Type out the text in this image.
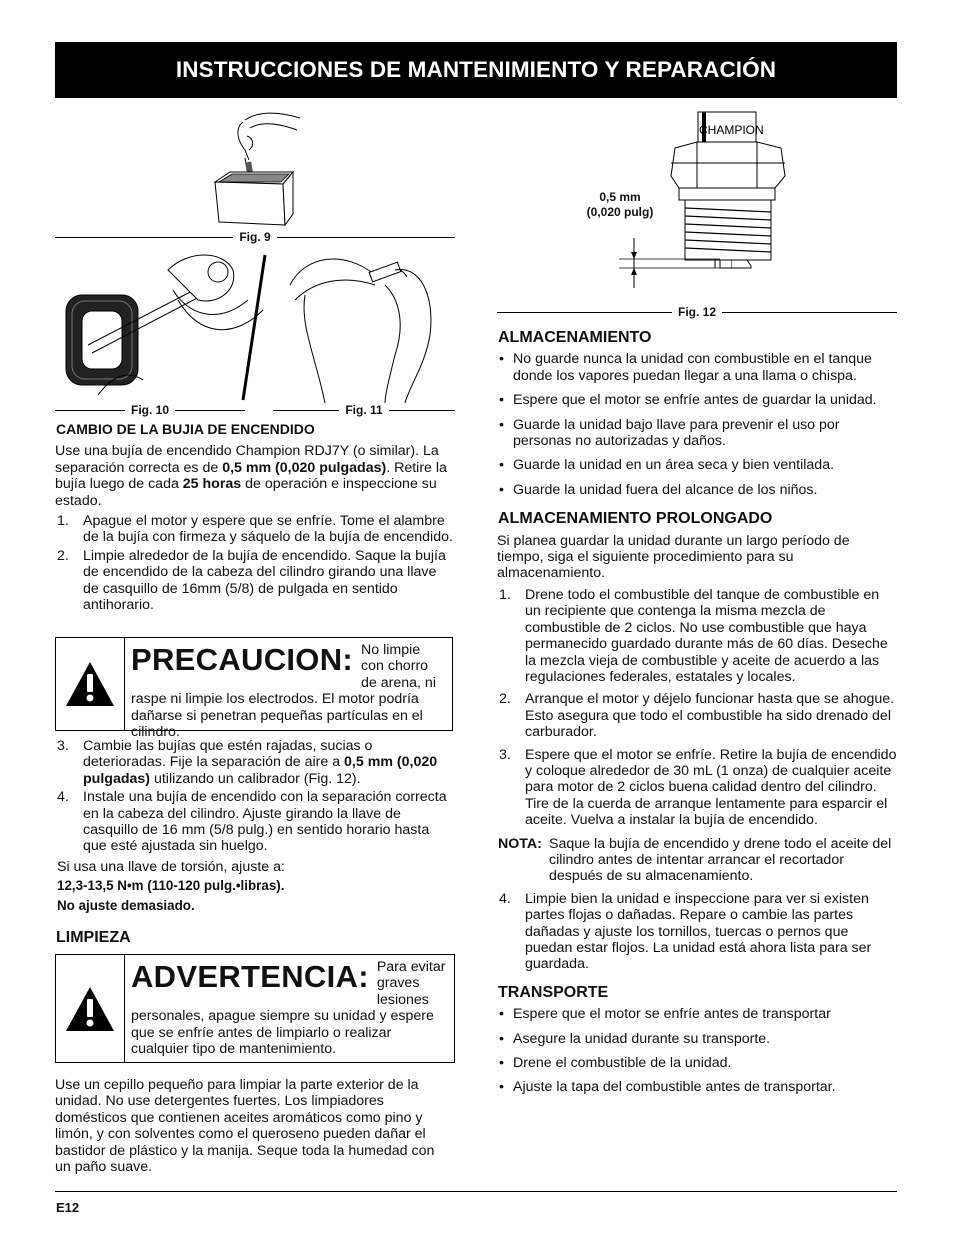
INSTRUCCIONES DE MANTENIMIENTO Y REPARACIÓN
Fig. 9
Fig. 10	Fig. 11
CAMBIO DE LA BUJIA DE ENCENDIDO

Use una bujía de encendido Champion RDJ7Y (o similar). La separación correcta es de 0,5 mm (0,020 pulgadas). Retire la bujía luego de cada 25 horas de operación e inspeccione su estado.

1. Apague el motor y espere que se enfríe. Tome el alambre de la bujía con firmeza y sáquelo de la bujía de encendido.
2. Limpie alrededor de la bujía de encendido. Saque la bujía de encendido de la cabeza del cilindro girando una llave de casquillo de 16mm (5/8) de pulgada en sentido antihorario.
PRECAUCION: No limpie con chorro de arena, ni raspe ni limpie los electrodos. El motor podría dañarse si penetran pequeñas partículas en el cilindro.
3. Cambie las bujías que estén rajadas, sucias o deterioradas. Fije la separación de aire a 0,5 mm (0,020 pulgadas) utilizando un calibrador (Fig. 12).
4. Instale una bujía de encendido con la separación correcta en la cabeza del cilindro. Ajuste girando la llave de casquillo de 16 mm (5/8 pulg.) en sentido horario hasta que esté ajustada sin huelgo.

Si usa una llave de torsión, ajuste a:

12,3-13,5 N•m (110-120 pulg.•libras).

No ajuste demasiado.

LIMPIEZA
ADVERTENCIA: Para evitar graves lesiones personales, apague siempre su unidad y espere que se enfríe antes de limpiarlo o realizar cualquier tipo de mantenimiento.

Use un cepillo pequeño para limpiar la parte exterior de la unidad. No use detergentes fuertes. Los limpiadores domésticos que contienen aceites aromáticos como pino y limón, y con solventes como el queroseno pueden dañar el bastidor de plástico y la manija. Seque toda la humedad con un paño suave.

CHAMPION
0,5 mm
(0,020 pulg)
Fig. 12
ALMACENAMIENTO
• No guarde nunca la unidad con combustible en el tanque donde los vapores puedan llegar a una llama o chispa.
• Espere que el motor se enfríe antes de guardar la unidad.
• Guarde la unidad bajo llave para prevenir el uso por personas no autorizadas y daños.
• Guarde la unidad en un área seca y bien ventilada.
• Guarde la unidad fuera del alcance de los niños.
ALMACENAMIENTO PROLONGADO

Si planea guardar la unidad durante un largo período de tiempo, siga el siguiente procedimiento para su almacenamiento.

1. Drene todo el combustible del tanque de combustible en un recipiente que contenga la misma mezcla de combustible de 2 ciclos. No use combustible que haya permanecido guardado durante más de 60 días. Deseche la mezcla vieja de combustible y aceite de acuerdo a las regulaciones federales, estatales y locales.
2. Arranque el motor y déjelo funcionar hasta que se ahogue. Esto asegura que todo el combustible ha sido drenado del carburador.
3. Espere que el motor se enfríe. Retire la bujía de encendido y coloque alrededor de 30 mL (1 onza) de cualquier aceite para motor de 2 ciclos buena calidad dentro del cilindro. Tire de la cuerda de arranque lentamente para esparcir el aceite. Vuelva a instalar la bujía de encendido.
NOTA: Saque la bujía de encendido y drene todo el aceite del cilindro antes de intentar arrancar el recortador después de su almacenamiento.
4. Limpie bien la unidad e inspeccione para ver si existen partes flojas o dañadas. Repare o cambie las partes dañadas y ajuste los tornillos, tuercas o pernos que puedan estar flojos. La unidad está ahora lista para ser guardada.
TRANSPORTE
• Espere que el motor se enfríe antes de transportar
• Asegure la unidad durante su transporte.
• Drene el combustible de la unidad.
• Ajuste la tapa del combustible antes de transportar.
E12
